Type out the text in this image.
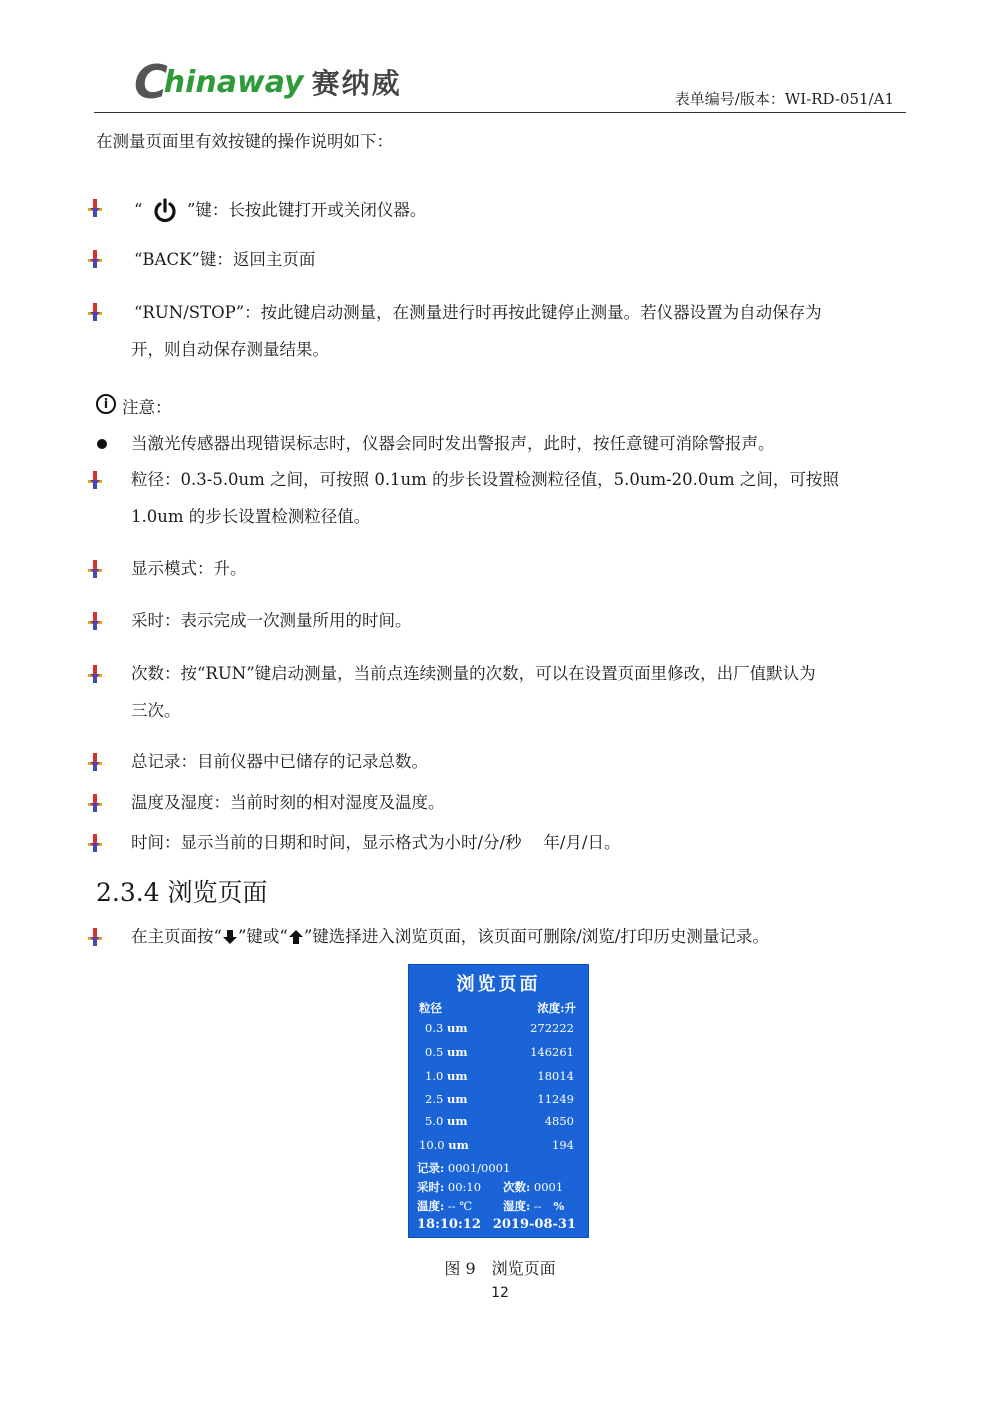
C
hinaway 赛纳威	表单编号/版本：WI-RD-051/A1
在测量页面里有效按键的操作说明如下：
“	”键：长按此键打开或关闭仪器。
“BACK”键：返回主页面
“RUN/STOP”：按此键启动测量，在测量进行时再按此键停止测量。若仪器设置为自动保存为
开，则自动保存测量结果。
i 注意：
当激光传感器出现错误标志时，仪器会同时发出警报声，此时，按任意键可消除警报声。
粒径：0.3-5.0um 之间，可按照 0.1um 的步长设置检测粒径值，5.0um-20.0um 之间，可按照
1.0um 的步长设置检测粒径值。
显示模式：升。
采时：表示完成一次测量所用的时间。
次数：按“RUN”键启动测量，当前点连续测量的次数，可以在设置页面里修改，出厂值默认为
三次。
总记录：目前仪器中已储存的记录总数。
温度及湿度：当前时刻的相对湿度及温度。
时间：显示当前的日期和时间，显示格式为小时/分/秒　 年/月/日。
2.3.4 浏览页面
在主页面按“ ”键或“ ”键选择进入浏览页面，该页面可删除/浏览/打印历史测量记录。
浏览页面
粒径	浓度:升
0.3 um	272222
0.5 um	146261
1.0 um	18014
2.5 um	11249
5.0 um	4850
10.0 um	194
记录: 0001/0001
采时: 00:10 次数: 0001
温度: -- ℃	湿度: -- %
18:10:12 2019-08-31
图 9　浏览页面
12
